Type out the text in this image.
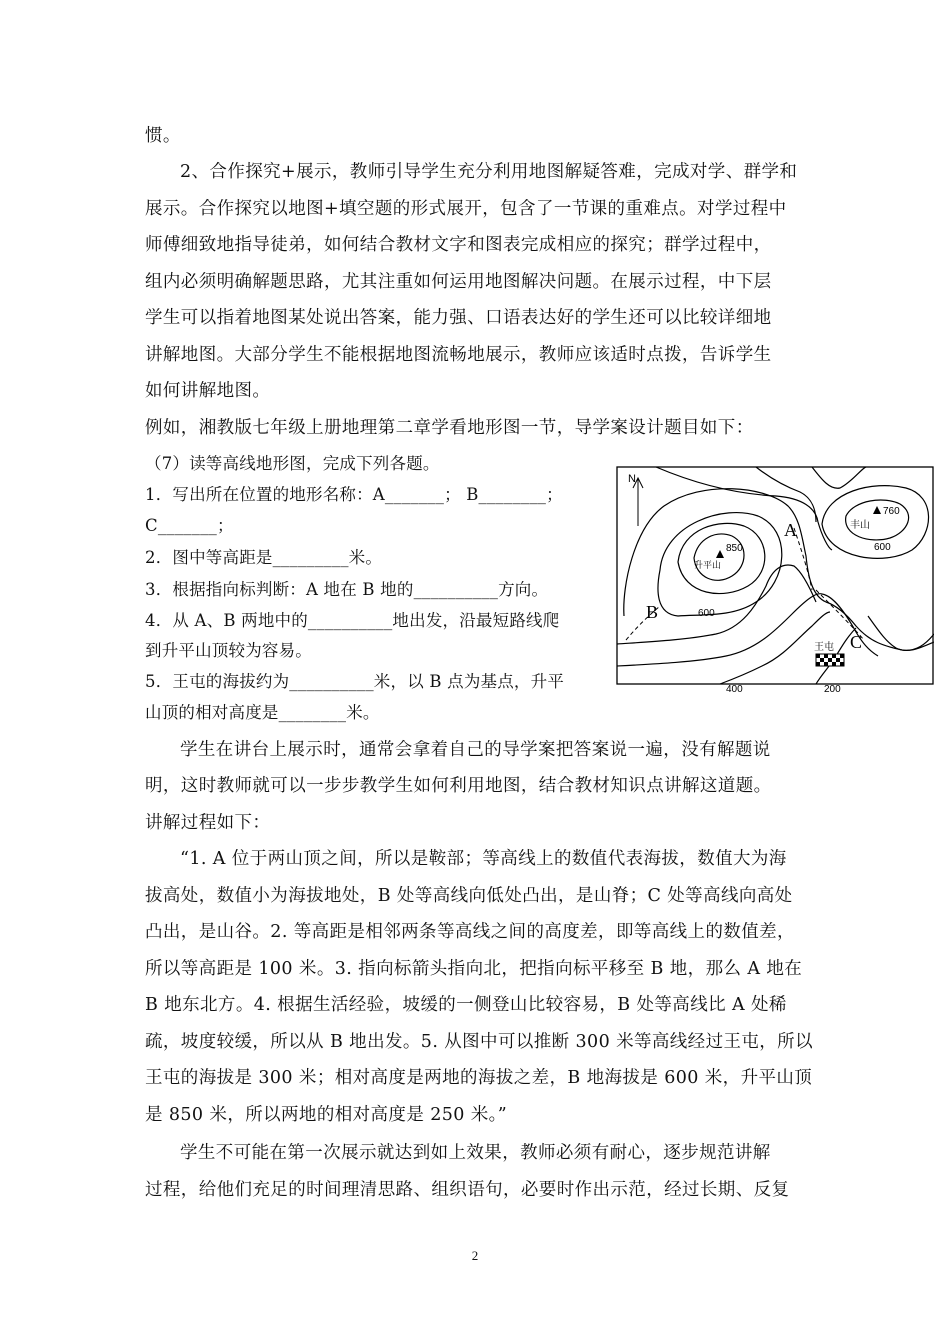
惯。
2、合作探究+展示，教师引导学生充分利用地图解疑答难，完成对学、群学和
展示。合作探究以地图+填空题的形式展开，包含了一节课的重难点。对学过程中
师傅细致地指导徒弟，如何结合教材文字和图表完成相应的探究；群学过程中，
组内必须明确解题思路，尤其注重如何运用地图解决问题。在展示过程，中下层
学生可以指着地图某处说出答案，能力强、口语表达好的学生还可以比较详细地
讲解地图。大部分学生不能根据地图流畅地展示，教师应该适时点拨，告诉学生
如何讲解地图。
例如，湘教版七年级上册地理第二章学看地形图一节，导学案设计题目如下：
（7）读等高线地形图，完成下列各题。
1．写出所在位置的地形名称：A_______； B________；
C_______；
2．图中等高距是_________米。
3．根据指向标判断：A 地在 B 地的__________方向。
4．从 A、B 两地中的__________地出发，沿最短路线爬
到升平山顶较为容易。
5．王屯的海拔约为__________米，以 B 点为基点，升平
山顶的相对高度是________米。
N
850
升平山
760
丰山
A
B
C
600
600
400	200
王屯
学生在讲台上展示时，通常会拿着自己的导学案把答案说一遍，没有解题说
明，这时教师就可以一步步教学生如何利用地图，结合教材知识点讲解这道题。
讲解过程如下：
“1. A 位于两山顶之间，所以是鞍部；等高线上的数值代表海拔，数值大为海
拔高处，数值小为海拔地处，B 处等高线向低处凸出，是山脊；C 处等高线向高处
凸出，是山谷。2. 等高距是相邻两条等高线之间的高度差，即等高线上的数值差，
所以等高距是 100 米。3. 指向标箭头指向北，把指向标平移至 B 地，那么 A 地在
B 地东北方。4. 根据生活经验，坡缓的一侧登山比较容易，B 处等高线比 A 处稀
疏，坡度较缓，所以从 B 地出发。5. 从图中可以推断 300 米等高线经过王屯，所以
王屯的海拔是 300 米；相对高度是两地的海拔之差，B 地海拔是 600 米，升平山顶
是 850 米，所以两地的相对高度是 250 米。”
学生不可能在第一次展示就达到如上效果，教师必须有耐心，逐步规范讲解
过程，给他们充足的时间理清思路、组织语句，必要时作出示范，经过长期、反复
2
